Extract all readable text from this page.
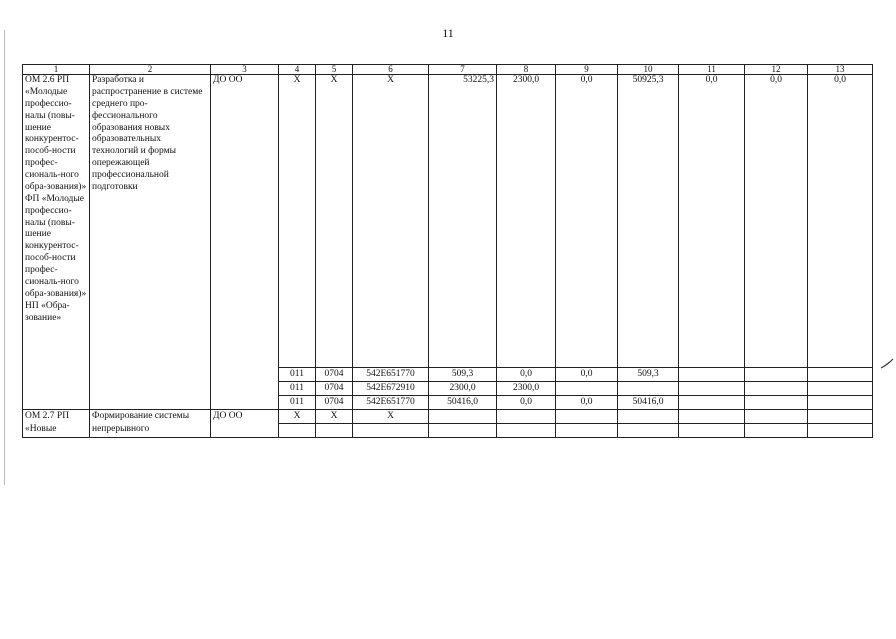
11
1	2	3	4	5	6	7	8	9	10	11	12	13

ОМ 2.6 РП «Молодые профессио-налы (повы-шение конкурентос-пособ-ности профес-сиональ-ного обра-зования)» ФП «Молодые профессио-налы (повы-шение конкурентос-пособ-ности профес-сиональ-ного обра-зования)» НП «Обра-зование»	Разработка и распространение в системе среднего про-фессионального образования новых образовательных технологий и формы опережающей профессиональной подготовки	ДО ОО	Х	Х	Х	53225,3	2300,0	0,0	50925,3	0,0	0,0	0,0
			011	0704	542E651770	509,3	0,0	0,0	509,3			
			011	0704	542E672910	2300,0	2300,0					
			011	0704	542E651770	50416,0	0,0	0,0	50416,0			

ОМ 2.7 РП «Новые	Формирование системы непрерывного	ДО ОО	Х	Х	Х							
